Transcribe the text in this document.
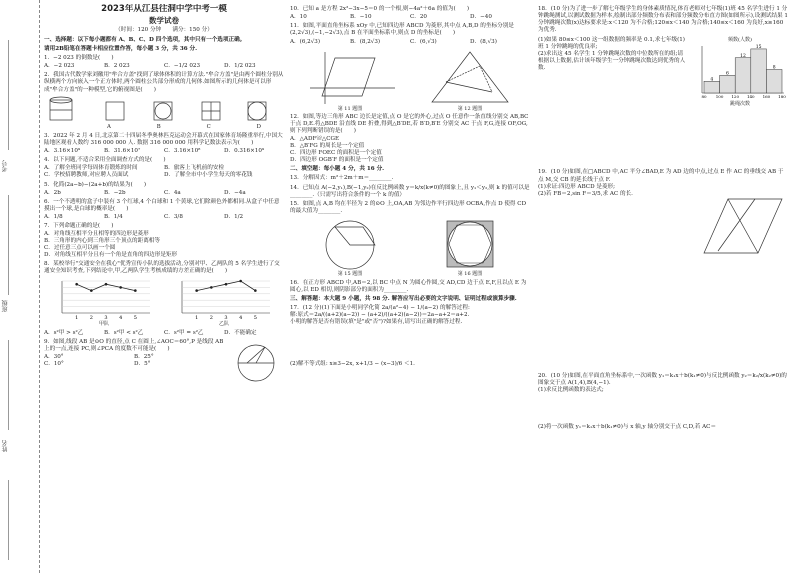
考号
班级
姓名
2023年从江县往洞中学中考一模
数学试卷
（时间：120 分钟　　满分：150 分）
一、选择题：以下每小题都有 A、B、C、D 四个选项，其中只有一个选项正确。
请用2B铅笔在答题卡相应位置作答，每小题 3 分，共 36 分.
1．−2 023 的倒数是(　　)
A．−2 023	B．2 023	C．−1/2 023	D．1/2 023
2．我国古代数学家刘徽用"牟合方盖"找到了球体体积的计算方法."牟合方盖"是由两个圆柱分别从纵横两个方向嵌入一个正方体时,两个圆柱公共部分形成的几何体.如图所示的几何体是可以形成"牟合方盖"的一种模型,它的俯视图是(　　)
A	B	C	D
3．2022 年 2 月 4 日,北京第二十四届冬季奥林匹克运动会开幕式在国家体育场隆重举行,中国大陆地区观看人数约 316 000 000 人. 数据 316 000 000 用科学记数法表示为(　　)
A．3.16×10⁹	B．31.6×10⁷	C．3.16×10⁸	D．0.316×10⁹
4．以下问题,不适合采用全面调查方式的是(　　)
A．了解全班同学每周体育锻炼的时间	B．旅客上飞机前的安检
C．学校招聘教师,对应聘人员面试	D．了解全市中小学生每天的零花钱
5．化简(2a−b)−(2a+b)的结果为(　　)
A．2b	B．−2b	C．4a	D．−4a
6．一个不透明的盒子中装有 3 个红球,4 个白球和 1 个黄球,它们除颜色外都相同.从盒子中任意摸出一个球,是白球的概率是(　　)
A．1/8	B．1/4	C．3/8	D．1/2
7．下列命题正确的是(　　)
A．对角线互相平分且相等的四边形是菱形
B．三角形的内心到三角形三个顶点的距离相等
C．过任意三点可以画一个圆
D．对角线互相平分且有一个角是直角的四边形是矩形
8．某校举行"交通安全在我心"优秀宣传小队的选拔活动,分别对甲、乙两队的 5 名学生进行了交通安全知识考查,下列结论中,甲,乙两队学生考核成绩的方差正确的是(　　)
1 2 3 4 5
甲队
1 2 3 4 5
乙队
A．s²甲 > s²乙	B．s²甲 < s²乙	C．s²甲 = s²乙	D．不能确定
9．如图,线段 AB 是⊙O 的直径,点 C 在圆上,∠AOC＝60°,P 是线段 AB 上的一点,连接 PC,则∠PCA 的度数不可能是(　　)
A．30°	B．25°
C．10°	D．5°
10．已知 a 是方程 2x²−3x−5＝0 的一个根,则−4a²＋6a 的值为(　　)
A．10	B．−10	C．20	D．−40
11．如图,平面直角坐标系 xOy 中,已知四边形 ABCD 为菱形,其中点 A,B,D 的坐标分别是(2,2√3),(−1,−2√3),点 B 在平面坐标系中,则点 D 的坐标是(　　)
A．(6,2√3)	B．(8,2√3)	C．(6,√3)	D．(8,√3)
第 11 题图	第 12 题图
12．如图,等边三角形 ABC 边长是定值,点 O 是它的外心,过点 O 任意作一条直线分别交 AB,BC 于点 D,E.将△BDE 沿直线 DE 折叠,得到△B′DE,若 B′D,B′E 分别交 AC 于点 F,G,连接 OF,OG,则下列判断错误的是(　　)
A．△ADF≌△CGE
B．△B′FG 的周长是一个定值
C．四边形 FOEC 的面积是一个定值
D．四边形 OGB′F 的面积是一个定值
二、填空题：每小题 4 分，共 16 分.
13．分解因式：m²＋2m＋m＝________.
14．已知点 A(−2,y₁),B(−1,y₂)在反比例函数 y＝k/x(k≠0)的图象上,且 y₁＜y₂,则 k 的值可以是________.（只需写出符合条件的一个 k 的值）
15．如图,点 A,B 均在半径为 2 的⊙O 上,OA,AB 为邻边作平行四边形 OCBA,作点 D 使得 CD 的最大值为________.
第 15 题图	第 16 题图
16．在正方形 ABCD 中,AB＝2,以 BC 中点 N 为圆心作圆,交 AD,CD 边于点 E,F,且以点 E 为圆心,以 ED 相切,则阴影部分的面积为________.
三、解答题：本大题 9 小题，共 98 分. 解答应写出必要的文字说明、证明过程或演算步骤.
17．(12 分)(1)下面是小明同学化简 2a/(a²−4) − 1/(a−2) 的解答过程:
解:原式＝2a/((a+2)(a−2)) − (a+2)/((a+2)(a−2))＝2a−a+2＝a+2.
小明的解答是否有错误(填"是"或"否")?如果有,请写出正确的解答过程.
(2)解不等式组: x≥3−2x, x+1/3 − (x−3)/6 ＜1.
18．(10 分)为了进一步了解七年级学生的身体素质情况,体育老师对七年级(1)班 45 名学生进行 1 分钟跳绳测试,以测试数据为样本,绘制出部分频数分布表和部分频数分布直方图(如图所示),设测试结果 1 分钟跳绳次数(x)达标要求是:x＜120 为不合格;120≤x＜140 为合格;140≤x＜160 为良好,x≥160 为优秀.
(1)如果 80≤x＜100 这一组数据的频率是 0.1,求七年级(1)班 1 分钟跳绳的优良率;
(2)求出这 45 名学生 1 分钟跳绳次数的中位数所在的组;请根据以上数据,估计该年级学生一分钟跳绳次数达到优秀的人数.
频数(人数)
4
6
12
15
8
80 100 120 140 160 180
跳绳次数
19．(10 分)如图,在□ABCD 中,AC 平分∠BAD,E 为 AD 边的中点,过点 E 作 AC 的垂线交 AB 于点 M,交 CB 的延长线于点 F.
(1)求证:四边形 ABCD 是菱形;
(2)若 FB＝2,sin F＝3/5,求 AC 的长.
20．(10 分)如图,在平面直角坐标系中,一次函数 y₁＝k₁x＋b(k₁≠0)与反比例函数 y₂＝k₂/x(k₂≠0)的图象交于点 A(1,4),B(4,−1).
(1)求反比例函数的表达式;
(2)将一次函数 y₁＝k₁x＋b(k₁≠0)与 x 轴,y 轴分别交于点 C,D,若 AC＝
